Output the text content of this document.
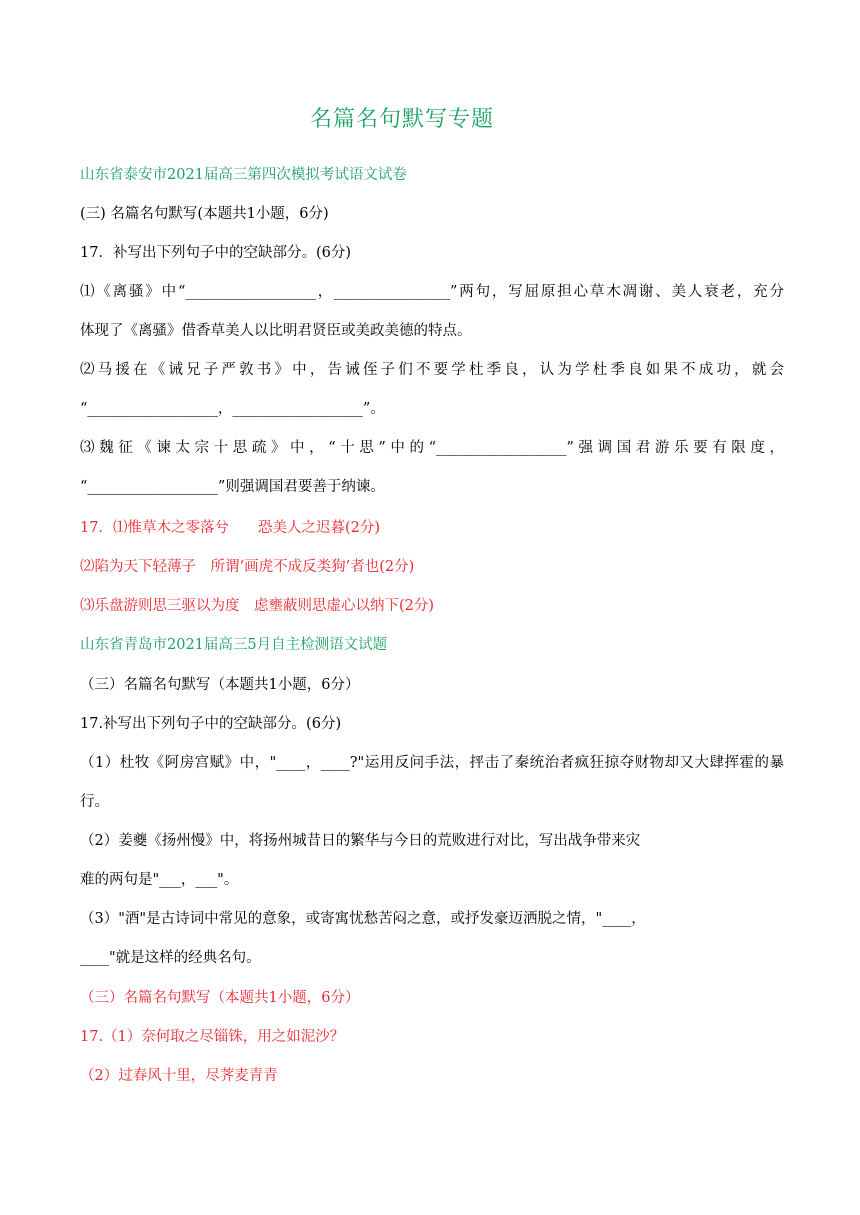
名篇名句默写专题
山东省泰安市2021届高三第四次模拟考试语文试卷
(三) 名篇名句默写(本题共1小题，6分)
17．补写出下列句子中的空缺部分。(6分)
⑴《离骚》中“__________________，________________”两句，写屈原担心草木凋谢、美人衰老，充分
体现了《离骚》借香草美人以比明君贤臣或美政美德的特点。
⑵马援在《诫兄子严敦书》中，告诫侄子们不要学杜季良，认为学杜季良如果不成功，就会
“__________________，__________________”。
⑶魏征《谏太宗十思疏》中，“十思”中的“__________________”强调国君游乐要有限度，
“__________________”则强调国君要善于纳谏。
17．⑴惟草木之零落兮　　恐美人之迟暮(2分)
⑵陷为天下轻薄子　所谓‘画虎不成反类狗’者也(2分)
⑶乐盘游则思三驱以为度　虑壅蔽则思虚心以纳下(2分)
山东省青岛市2021届高三5月自主检测语文试题
（三）名篇名句默写（本题共1小题，6分）
17.补写出下列句子中的空缺部分。(6分)
（1）杜牧《阿房宫赋》中，"____，____?"运用反问手法，抨击了秦统治者疯狂掠夺财物却又大肆挥霍的暴
行。
（2）姜夔《扬州慢》中，将扬州城昔日的繁华与今日的荒败进行对比，写出战争带来灾
难的两句是"___，___"。
（3）"酒"是古诗词中常见的意象，或寄寓忧愁苦闷之意，或抒发豪迈洒脱之情，"____，
____"就是这样的经典名句。
（三）名篇名句默写（本题共1小题，6分）
17.（1）奈何取之尽锱铢，用之如泥沙？
（2）过春风十里，尽荠麦青青
